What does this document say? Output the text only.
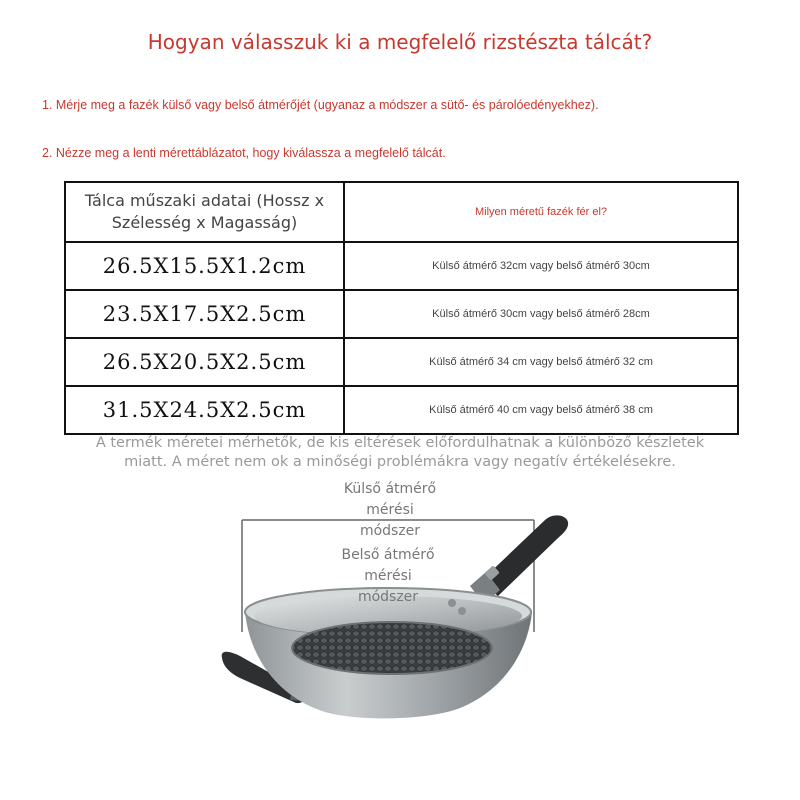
Hogyan válasszuk ki a megfelelő rizstészta tálcát?
1. Mérje meg a fazék külső vagy belső átmérőjét (ugyanaz a módszer a sütő- és párolóedényekhez).
2. Nézze meg a lenti mérettáblázatot, hogy kiválassza a megfelelő tálcát.
Tálca műszaki adatai (Hossz x
Szélesség x Magasság)	Milyen méretű fazék fér el?
26.5X15.5X1.2cm	Külső átmérő 32cm vagy belső átmérő 30cm
23.5X17.5X2.5cm	Külső átmérő 30cm vagy belső átmérő 28cm
26.5X20.5X2.5cm	Külső átmérő 34 cm vagy belső átmérő 32 cm
31.5X24.5X2.5cm	Külső átmérő 40 cm vagy belső átmérő 38 cm
A termék méretei mérhetők, de kis eltérések előfordulhatnak a különböző készletek
miatt. A méret nem ok a minőségi problémákra vagy negatív értékelésekre.
Külső átmérő
mérési
módszer
Belső átmérő
mérési
módszer
